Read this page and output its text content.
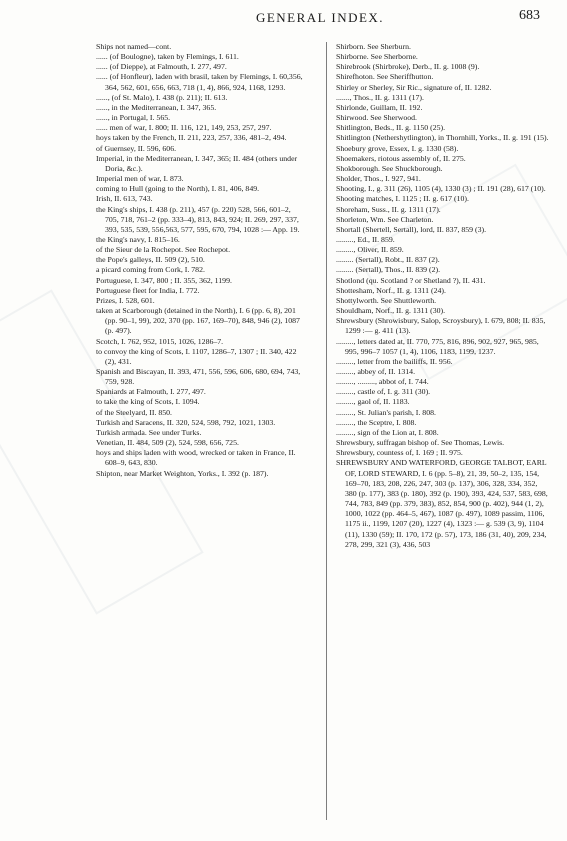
GENERAL INDEX.	683

Ships not named—cont.

...... (of Boulogne), taken by Flemings, I. 611.

...... (of Dieppe), at Falmouth, I. 277, 497.

...... (of Honfleur), laden with brasil, taken by Flemings, I. 60,356, 364, 562, 601, 656, 663, 718 (1, 4), 866, 924, 1168, 1293.

......, (of St. Malo), I. 438 (p. 211); II. 613.

......, in the Mediterranean, I. 347, 365.

......, in Portugal, I. 565.

...... men of war, I. 800; II. 116, 121, 149, 253, 257, 297.

hoys taken by the French, II. 211, 223, 257, 336, 481–2, 494.

of Guernsey, II. 596, 606.

Imperial, in the Mediterranean, I. 347, 365; II. 484 (others under Doria, &c.).

Imperial men of war, I. 873.

coming to Hull (going to the North), I. 81, 406, 849.

Irish, II. 613, 743.

the King's ships, I. 438 (p. 211), 457 (p. 220) 528, 566, 601–2, 705, 718, 761–2 (pp. 333–4), 813, 843, 924; II. 269, 297, 337, 393, 535, 539, 556,563, 577, 595, 670, 794, 1028 :— App. 19.

the King's navy, I. 815–16.

of the Sieur de la Rochepot. See Rochepot.

the Pope's galleys, II. 509 (2), 510.

a picard coming from Cork, I. 782.

Portuguese, I. 347, 800 ; II. 355, 362, 1199.

Portuguese fleet for India, I. 772.

Prizes, I. 528, 601.

taken at Scarborough (detained in the North), I. 6 (pp. 6, 8), 201 (pp. 90–1, 99), 202, 370 (pp. 167, 169–70), 848, 946 (2), 1087 (p. 497).

Scotch, I. 762, 952, 1015, 1026, 1286–7.

to convoy the king of Scots, I. 1107, 1286–7, 1307 ; II. 340, 422 (2), 431.

Spanish and Biscayan, II. 393, 471, 556, 596, 606, 680, 694, 743, 759, 928.

Spaniards at Falmouth, I. 277, 497.

to take the king of Scots, I. 1094.

of the Steelyard, II. 850.

Turkish and Saracens, II. 320, 524, 598, 792, 1021, 1303.

Turkish armada. See under Turks.

Venetian, II. 484, 509 (2), 524, 598, 656, 725.

hoys and ships laden with wood, wrecked or taken in France, II. 608–9, 643, 830.

Shipton, near Market Weighton, Yorks., I. 392 (p. 187).

Shirborn. See Sherburn.

Shirborne. See Sherborne.

Shirebrook (Shirbroke), Derb., II. g. 1008 (9).

Shirefhoton. See Sheriffhutton.

Shirley or Sherley, Sir Ric., signature of, II. 1282.

......., Thos., II. g. 1311 (17).

Shirlonde, Guillam, II. 192.

Shirwood. See Sherwood.

Shitlington, Beds., II. g. 1150 (25).

Shitlington (Nethershytlington), in Thornhill, Yorks., II. g. 191 (15).

Shoebury grove, Essex, I. g. 1330 (58).

Shoemakers, riotous assembly of, II. 275.

Shokborough. See Shuckborough.

Sholder, Thos., I. 927, 941.

Shooting, I., g. 311 (26), 1105 (4), 1330 (3) ; II. 191 (28), 617 (10).

Shooting matches, I. 1125 ; II. g. 617 (10).

Shoreham, Suss., II. g. 1311 (17).

Shorleton, Wm. See Charleton.

Shortall (Shertell, Sertall), lord, II. 837, 859 (3).

........., Ed., II. 859.

........., Oliver, II. 859.

......... (Sertall), Robt., II. 837 (2).

......... (Sertall), Thos., II. 839 (2).

Shotlond (qu. Scotland ? or Shetland ?), II. 431.

Shottesham, Norf., II. g. 1311 (24).

Shottylworth. See Shuttleworth.

Shouldham, Norf., II. g. 1311 (30).

Shrewsbury (Shrowisbury, Salop, Scroysbury), I. 679, 808; II. 835, 1299 :— g. 411 (13).

........., letters dated at, II. 770, 775, 816, 896, 902, 927, 965, 985, 995, 996–7 1057 (1, 4), 1106, 1183, 1199, 1237.

........., letter from the bailiffs, II. 956.

........., abbey of, II. 1314.

........., ........., abbot of, I. 744.

........., castle of, I. g. 311 (30).

........., gaol of, II. 1183.

........., St. Julian's parish, I. 808.

........., the Sceptre, I. 808.

........., sign of the Lion at, I. 808.

Shrewsbury, suffragan bishop of. See Thomas, Lewis.

Shrewsbury, countess of, I. 169 ; II. 975.

SHREWSBURY AND WATERFORD, GEORGE TALBOT, EARL OF, LORD STEWARD, I. 6 (pp. 5–8), 21, 39, 50–2, 135, 154, 169–70, 183, 208, 226, 247, 303 (p. 137), 306, 328, 334, 352, 380 (p. 177), 383 (p. 180), 392 (p. 190), 393, 424, 537, 583, 698, 744, 783, 849 (pp. 379, 383), 852, 854, 900 (p. 402), 944 (1, 2), 1000, 1022 (pp. 464–5, 467), 1087 (p. 497), 1089 passim, 1106, 1175 ii., 1199, 1207 (20), 1227 (4), 1323 :— g. 539 (3, 9), 1104 (11), 1330 (59); II. 170, 172 (p. 57), 173, 186 (31, 40), 209, 234, 278, 299, 321 (3), 436, 503
